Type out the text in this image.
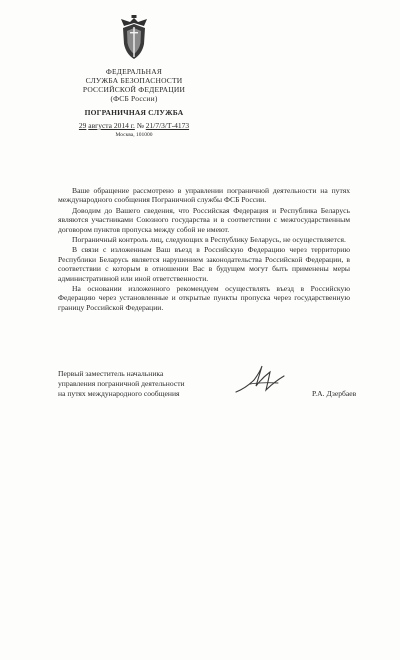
ФЕДЕРАЛЬНАЯ
СЛУЖБА БЕЗОПАСНОСТИ
РОССИЙСКОЙ ФЕДЕРАЦИИ
(ФСБ России)
ПОГРАНИЧНАЯ СЛУЖБА
29 августа 2014 г. № 21/7/3/Т-4173
Москва, 101000

Ваше обращение рассмотрено в управлении пограничной деятельности на путях международного сообщения Пограничной службы ФСБ России.

Доводим до Вашего сведения, что Российская Федерация и Республика Беларусь являются участниками Союзного государства и в соответствии с межгосударственным договором пунктов пропуска между собой не имеют.

Пограничный контроль лиц, следующих в Республику Беларусь, не осуществляется.

В связи с изложенным Ваш въезд в Российскую Федерацию через территорию Республики Беларусь является нарушением законодательства Российской Федерации, в соответствии с которым в отношении Вас в будущем могут быть применены меры административной или иной ответственности.

На основании изложенного рекомендуем осуществлять въезд в Российскую Федерацию через установленные и открытые пункты пропуска через государственную границу Российской Федерации.

Первый заместитель начальника
управления пограничной деятельности
на путях международного сообщения	Р.А. Дзербаев
